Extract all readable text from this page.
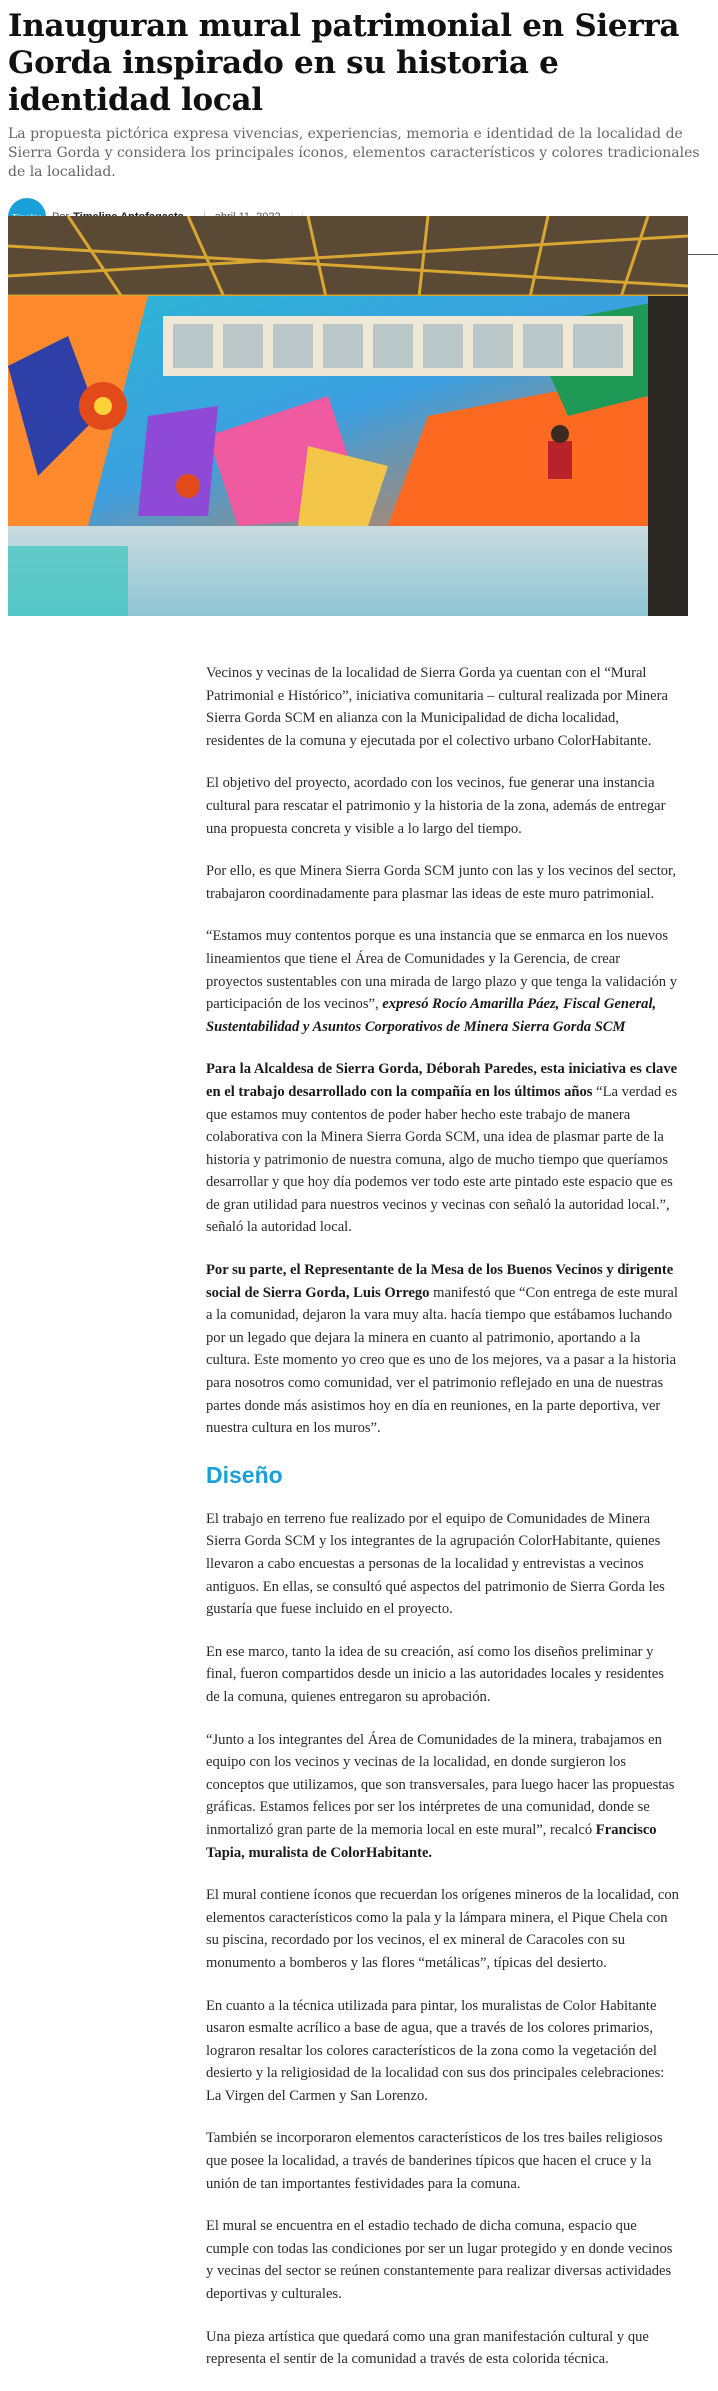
Inauguran mural patrimonial en Sierra Gorda inspirado en su historia e identidad local

La propuesta pictórica expresa vivencias, experiencias, memoria e identidad de la localidad de Sierra Gorda y considera los principales íconos, elementos característicos y colores tradicionales de la localidad.

Vecinos y vecinas de la localidad de Sierra Gorda ya cuentan con el “Mural Patrimonial e Histórico”, iniciativa comunitaria – cultural realizada por Minera Sierra Gorda SCM en alianza con la Municipalidad de dicha localidad, residentes de la comuna y ejecutada por el colectivo urbano ColorHabitante.

El objetivo del proyecto, acordado con los vecinos, fue generar una instancia cultural para rescatar el patrimonio y la historia de la zona, además de entregar una propuesta concreta y visible a lo largo del tiempo.

Por ello, es que Minera Sierra Gorda SCM junto con las y los vecinos del sector, trabajaron coordinadamente para plasmar las ideas de este muro patrimonial.

“Estamos muy contentos porque es una instancia que se enmarca en los nuevos lineamientos que tiene el Área de Comunidades y la Gerencia, de crear proyectos sustentables con una mirada de largo plazo y que tenga la validación y participación de los vecinos”, expresó Rocío Amarilla Páez, Fiscal General, Sustentabilidad y Asuntos Corporativos de Minera Sierra Gorda SCM

Para la Alcaldesa de Sierra Gorda, Déborah Paredes, esta iniciativa es clave en el trabajo desarrollado con la compañía en los últimos años “La verdad es que estamos muy contentos de poder haber hecho este trabajo de manera colaborativa con la Minera Sierra Gorda SCM, una idea de plasmar parte de la historia y patrimonio de nuestra comuna, algo de mucho tiempo que queríamos desarrollar y que hoy día podemos ver todo este arte pintado este espacio que es de gran utilidad para nuestros vecinos y vecinas con señaló la autoridad local.”, señaló la autoridad local.

Por su parte, el Representante de la Mesa de los Buenos Vecinos y dirigente social de Sierra Gorda, Luis Orrego manifestó que “Con entrega de este mural a la comunidad, dejaron la vara muy alta. hacía tiempo que estábamos luchando por un legado que dejara la minera en cuanto al patrimonio, aportando a la cultura. Este momento yo creo que es uno de los mejores, va a pasar a la historia para nosotros como comunidad, ver el patrimonio reflejado en una de nuestras partes donde más asistimos hoy en día en reuniones, en la parte deportiva, ver nuestra cultura en los muros”.

Diseño

El trabajo en terreno fue realizado por el equipo de Comunidades de Minera Sierra Gorda SCM y los integrantes de la agrupación ColorHabitante, quienes llevaron a cabo encuestas a personas de la localidad y entrevistas a vecinos antiguos. En ellas, se consultó qué aspectos del patrimonio de Sierra Gorda les gustaría que fuese incluido en el proyecto.

En ese marco, tanto la idea de su creación, así como los diseños preliminar y final, fueron compartidos desde un inicio a las autoridades locales y residentes de la comuna, quienes entregaron su aprobación.

“Junto a los integrantes del Área de Comunidades de la minera, trabajamos en equipo con los vecinos y vecinas de la localidad, en donde surgieron los conceptos que utilizamos, que son transversales, para luego hacer las propuestas gráficas. Estamos felices por ser los intérpretes de una comunidad, donde se inmortalizó gran parte de la memoria local en este mural”, recalcó Francisco Tapia, muralista de ColorHabitante.

El mural contiene íconos que recuerdan los orígenes mineros de la localidad, con elementos característicos como la pala y la lámpara minera, el Pique Chela con su piscina, recordado por los vecinos, el ex mineral de Caracoles con su monumento a bomberos y las flores “metálicas”, típicas del desierto.

En cuanto a la técnica utilizada para pintar, los muralistas de Color Habitante usaron esmalte acrílico a base de agua, que a través de los colores primarios, lograron resaltar los colores característicos de la zona como la vegetación del desierto y la religiosidad de la localidad con sus dos principales celebraciones: La Virgen del Carmen y San Lorenzo.

También se incorporaron elementos característicos de los tres bailes religiosos que posee la localidad, a través de banderines típicos que hacen el cruce y la unión de tan importantes festividades para la comuna.

El mural se encuentra en el estadio techado de dicha comuna, espacio que cumple con todas las condiciones por ser un lugar protegido y en donde vecinos y vecinas del sector se reúnen constantemente para realizar diversas actividades deportivas y culturales.

Una pieza artística que quedará como una gran manifestación cultural y que representa el sentir de la comunidad a través de esta colorida técnica.
